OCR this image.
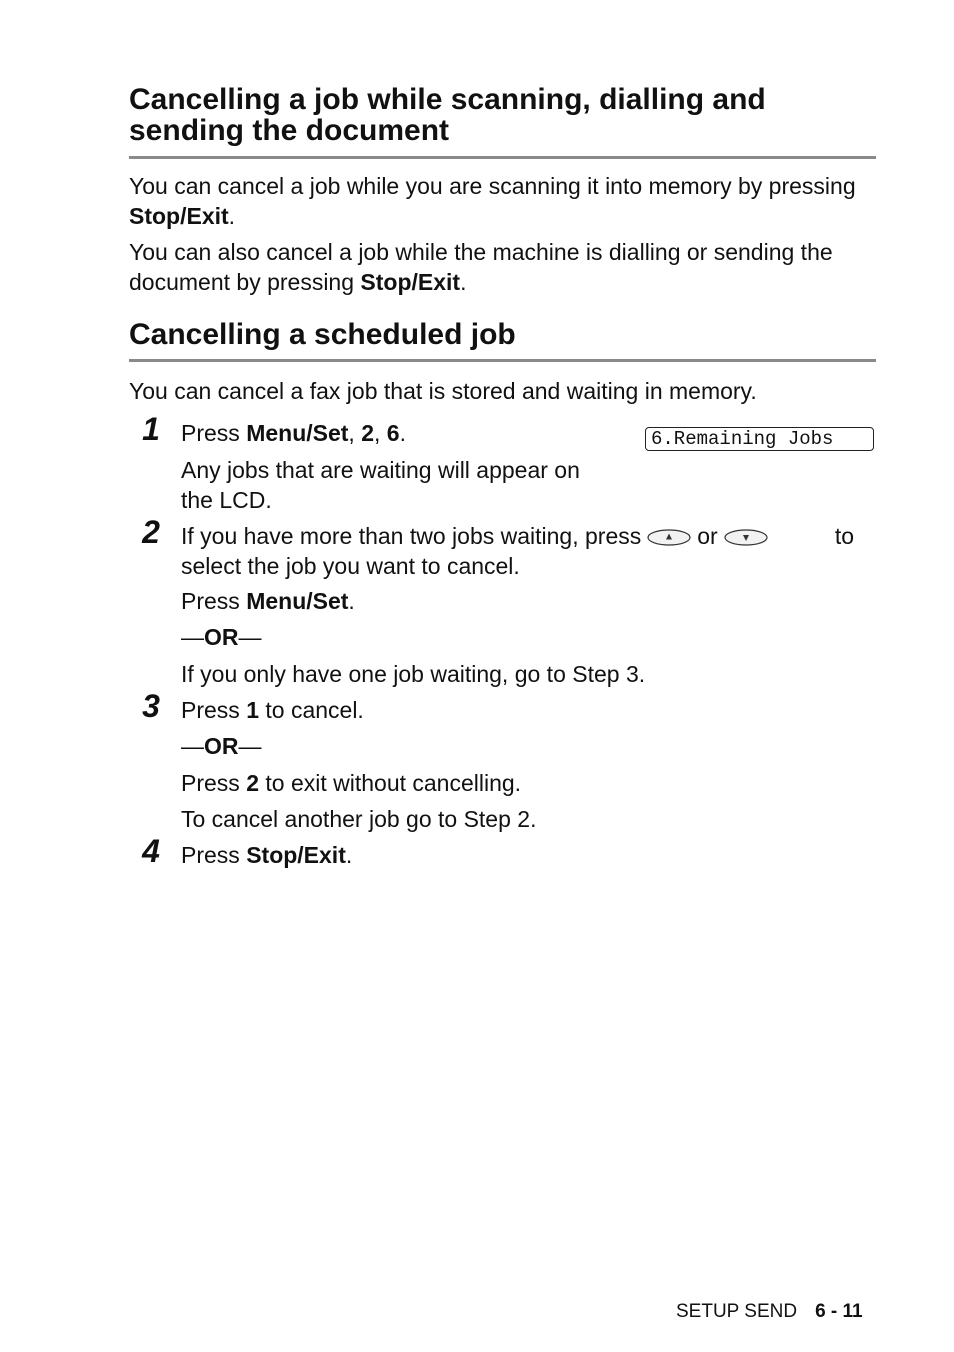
Cancelling a job while scanning, dialling and sending the document

You can cancel a job while you are scanning it into memory by pressing Stop/Exit.

You can also cancel a job while the machine is dialling or sending the document by pressing Stop/Exit.

Cancelling a scheduled job

You can cancel a fax job that is stored and waiting in memory.

1 Press Menu/Set, 2, 6.	6.Remaining Jobs

Any jobs that are waiting will appear on the LCD.

2 If you have more than two jobs waiting, press or	to

select the job you want to cancel.

Press Menu/Set.

—OR—

If you only have one job waiting, go to Step 3.

3 Press 1 to cancel.

—OR—

Press 2 to exit without cancelling.

To cancel another job go to Step 2.

4 Press Stop/Exit.

SETUP SEND 6 - 11
